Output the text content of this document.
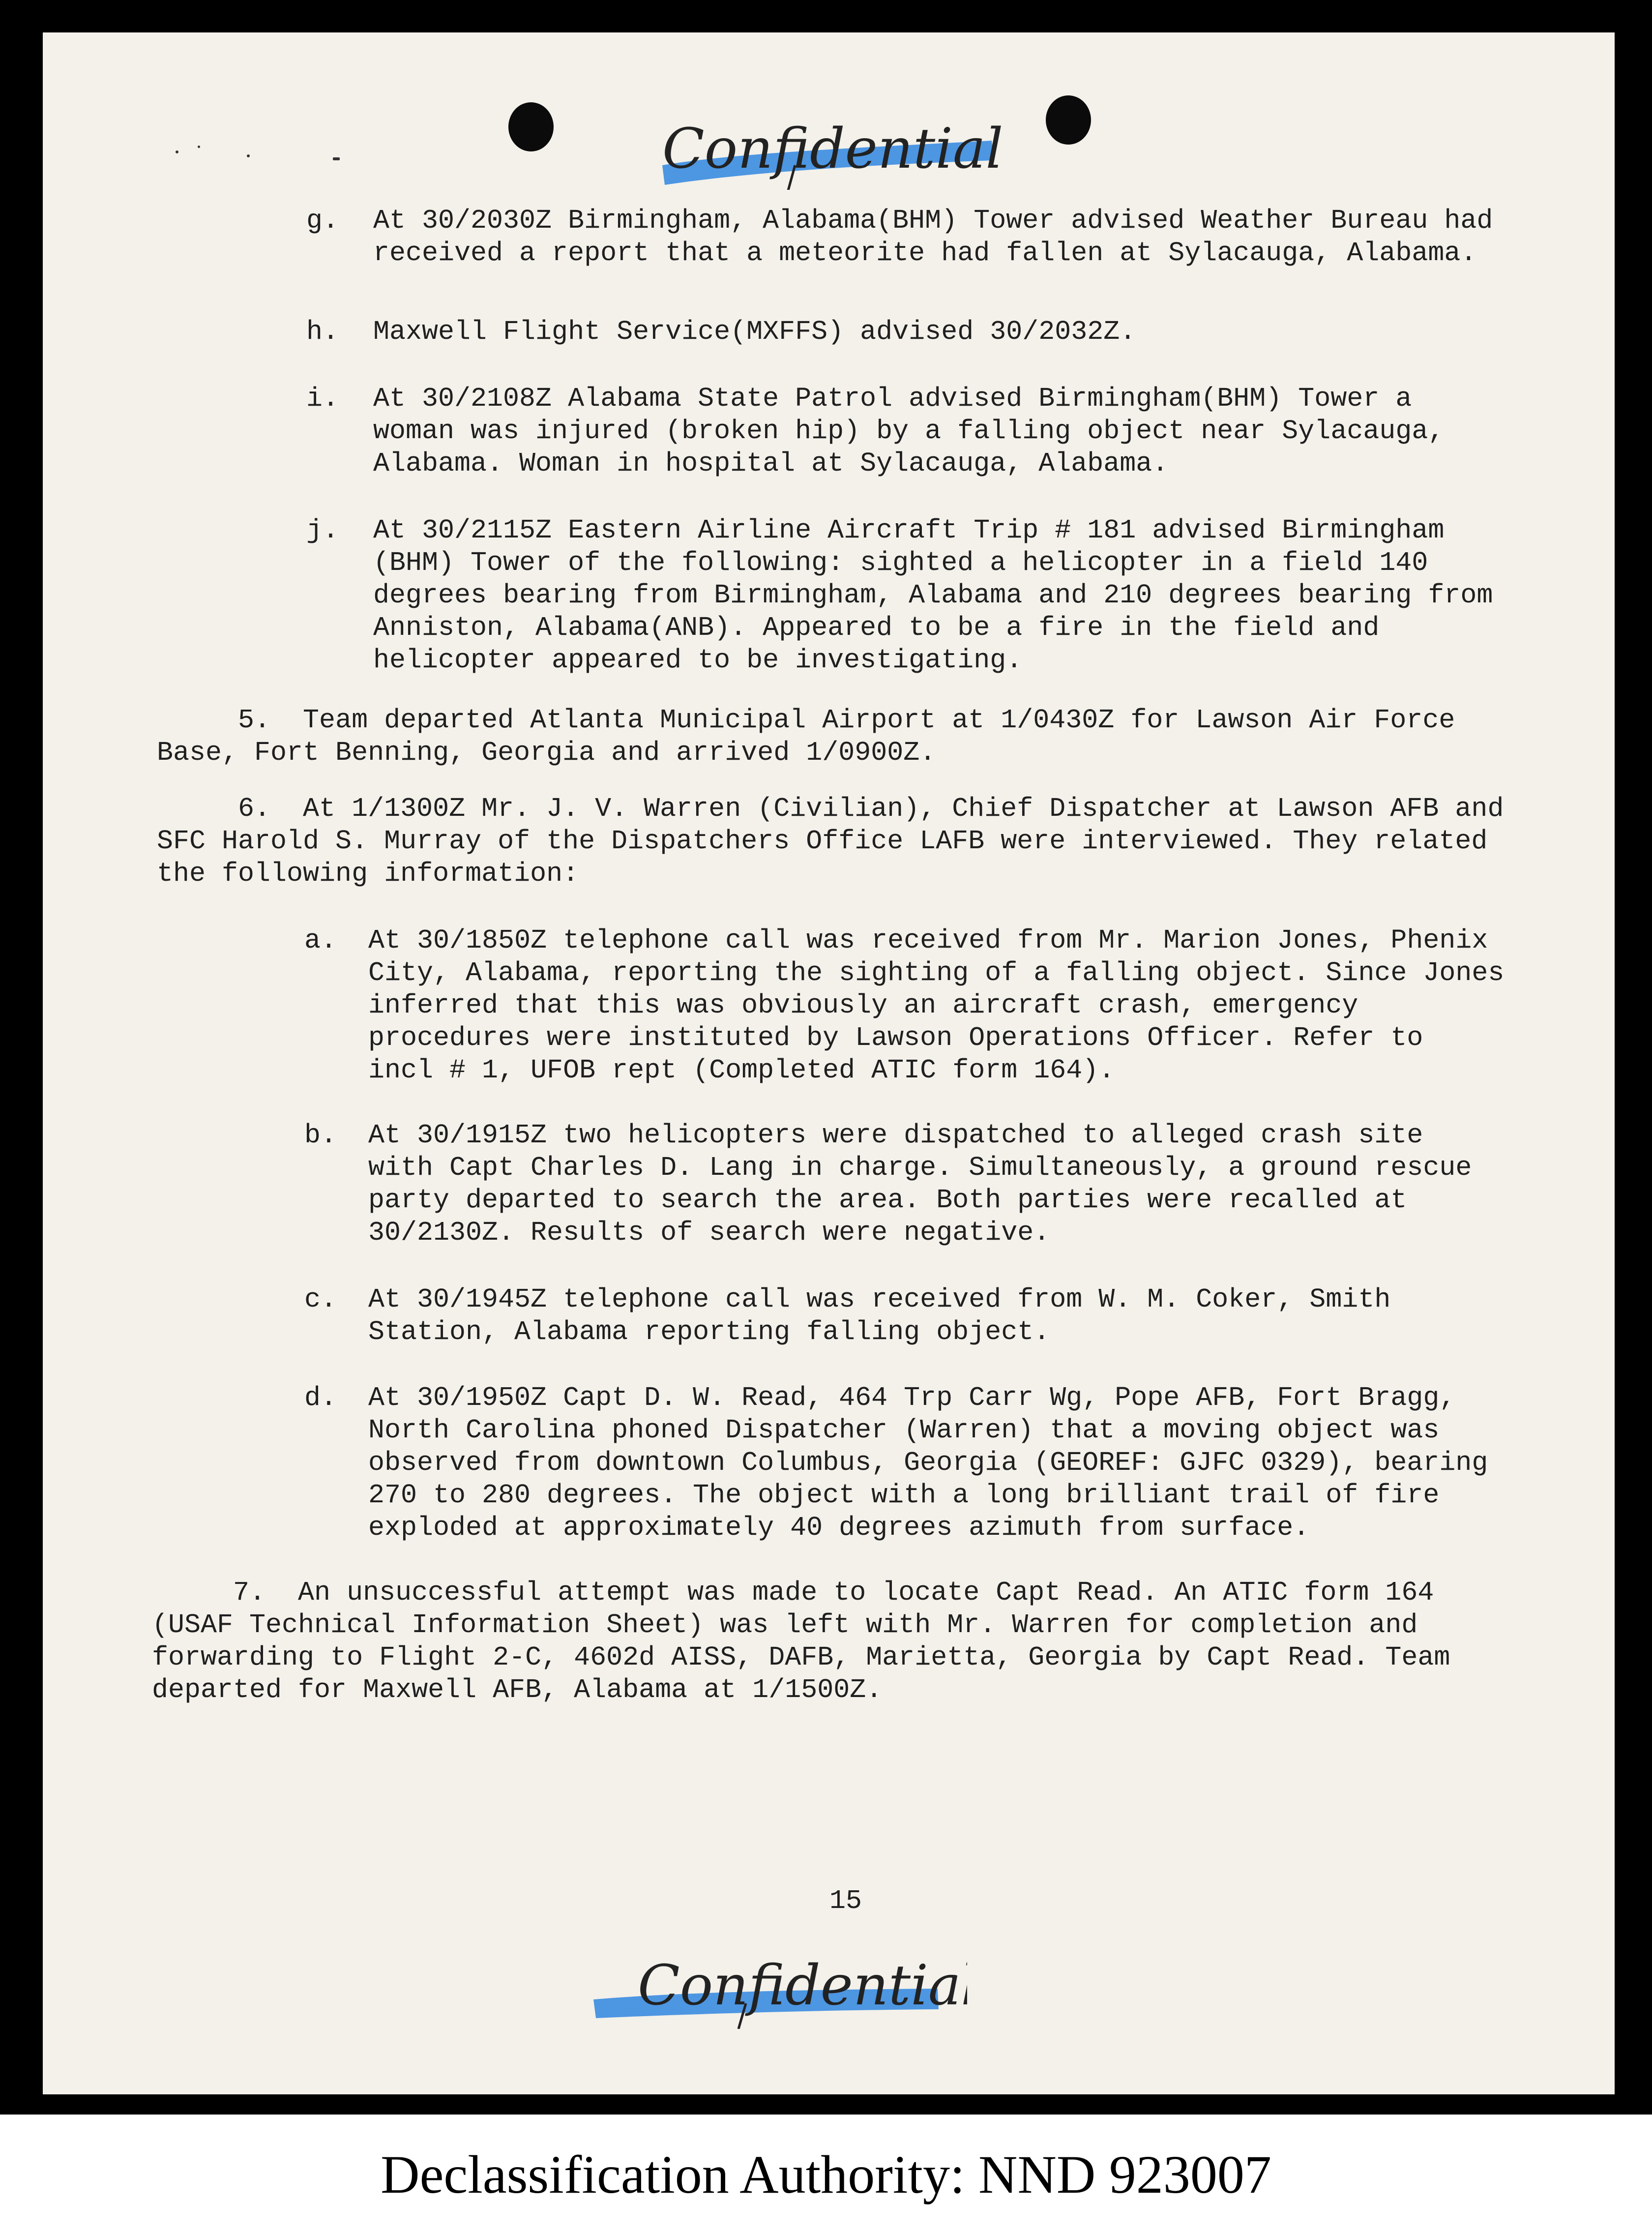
Confidential
g. At 30/2030Z Birmingham, Alabama(BHM) Tower advised Weather Bureau had
received a report that a meteorite had fallen at Sylacauga, Alabama.
h. Maxwell Flight Service(MXFFS) advised 30/2032Z.
i. At 30/2108Z Alabama State Patrol advised Birmingham(BHM) Tower a
woman was injured (broken hip) by a falling object near Sylacauga,
Alabama. Woman in hospital at Sylacauga, Alabama.
j. At 30/2115Z Eastern Airline Aircraft Trip # 181 advised Birmingham
(BHM) Tower of the following: sighted a helicopter in a field 140
degrees bearing from Birmingham, Alabama and 210 degrees bearing from
Anniston, Alabama(ANB). Appeared to be a fire in the field and
helicopter appeared to be investigating.
5.  Team departed Atlanta Municipal Airport at 1/0430Z for Lawson Air Force
Base, Fort Benning, Georgia and arrived 1/0900Z.
6.  At 1/1300Z Mr. J. V. Warren (Civilian), Chief Dispatcher at Lawson AFB and
SFC Harold S. Murray of the Dispatchers Office LAFB were interviewed. They related
the following information:
a. At 30/1850Z telephone call was received from Mr. Marion Jones, Phenix
City, Alabama, reporting the sighting of a falling object. Since Jones
inferred that this was obviously an aircraft crash, emergency
procedures were instituted by Lawson Operations Officer. Refer to
incl # 1, UFOB rept (Completed ATIC form 164).
b. At 30/1915Z two helicopters were dispatched to alleged crash site
with Capt Charles D. Lang in charge. Simultaneously, a ground rescue
party departed to search the area. Both parties were recalled at
30/2130Z. Results of search were negative.
c. At 30/1945Z telephone call was received from W. M. Coker, Smith
Station, Alabama reporting falling object.
d. At 30/1950Z Capt D. W. Read, 464 Trp Carr Wg, Pope AFB, Fort Bragg,
North Carolina phoned Dispatcher (Warren) that a moving object was
observed from downtown Columbus, Georgia (GEOREF: GJFC 0329), bearing
270 to 280 degrees. The object with a long brilliant trail of fire
exploded at approximately 40 degrees azimuth from surface.
7.  An unsuccessful attempt was made to locate Capt Read. An ATIC form 164
(USAF Technical Information Sheet) was left with Mr. Warren for completion and
forwarding to Flight 2-C, 4602d AISS, DAFB, Marietta, Georgia by Capt Read. Team
departed for Maxwell AFB, Alabama at 1/1500Z.
15
Confidential
Declassification Authority: NND 923007
